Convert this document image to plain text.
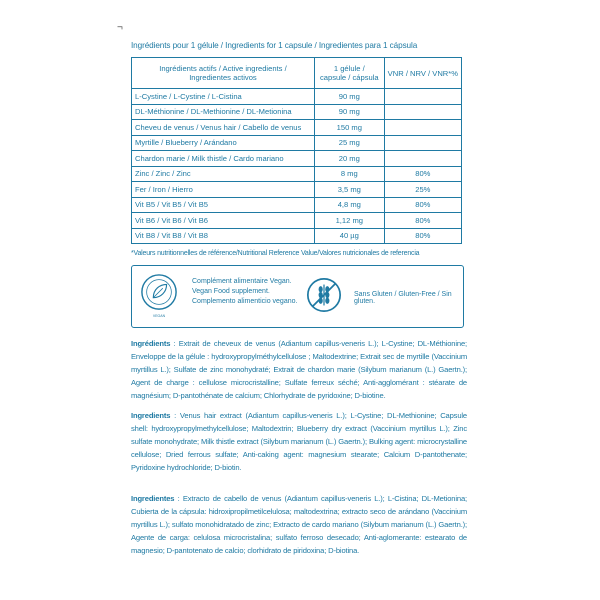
¬
Ingrédients pour 1 gélule / Ingredients for 1 capsule / Ingredientes para 1 cápsula
Ingrédients actifs / Active ingredients /
Ingredientes activos	1 gélule /
capsule / cápsula	VNR / NRV / VNR*%
L-Cystine / L-Cystine / L-Cistina	90 mg	
DL-Méthionine / DL-Methionine / DL-Metionina	90 mg	
Cheveu de venus / Venus hair / Cabello de venus	150 mg	
Myrtille / Blueberry / Arándano	25 mg	
Chardon marie / Milk thistle / Cardo mariano	20 mg	
Zinc / Zinc / Zinc	8 mg	80%
Fer / Iron / Hierro	3,5 mg	25%
Vit B5 / Vit B5 / Vit B5	4,8 mg	80%
Vit B6 / Vit B6 / Vit B6	1,12 mg	80%
Vit B8 / Vit B8 / Vit B8	40 µg	80%
*Valeurs nutritionnelles de référence/Nutritional Reference Value/Valores nutricionales de referencia
VEGAN
Complément alimentaire Vegan.
Vegan Food supplement.
Complemento alimenticio vegano.
Sans Gluten / Gluten-Free / Sin gluten.
Ingrédients : Extrait de cheveux de venus (Adiantum capillus-veneris L.); L-Cystine; DL-Méthionine; Enveloppe de la gélule : hydroxypropylméthylcellulose ; Maltodextrine; Extrait sec de myrtille (Vaccinium myrtillus L.); Sulfate de zinc monohydraté; Extrait de chardon marie (Silybum marianum (L.) Gaertn.); Agent de charge : cellulose microcristalline; Sulfate ferreux séché; Anti-agglomérant : stéarate de magnésium; D-pantothénate de calcium; Chlorhydrate de pyridoxine; D-biotine.
Ingredients : Venus hair extract (Adiantum capillus-veneris L.); L-Cystine; DL-Methionine; Capsule shell: hydroxypropylmethylcellulose; Maltodextrin; Blueberry dry extract (Vaccinium myrtillus L.); Zinc sulfate monohydrate; Milk thistle extract (Silybum marianum (L.) Gaertn.); Bulking agent: microcrystalline cellulose; Dried ferrous sulfate; Anti-caking agent: magnesium stearate; Calcium D-pantothenate; Pyridoxine hydrochloride; D-biotin.
Ingredientes : Extracto de cabello de venus (Adiantum capillus-veneris L.); L-Cistina; DL-Metionina; Cubierta de la cápsula: hidroxipropilmetilcelulosa; maltodextrina; extracto seco de arándano (Vaccinium myrtillus L.); sulfato monohidratado de zinc; Extracto de cardo mariano (Silybum marianum (L.) Gaertn.); Agente de carga: celulosa microcristalina; sulfato ferroso desecado; Anti-aglomerante: estearato de magnesio; D-pantotenato de calcio; clorhidrato de piridoxina; D-biotina.
